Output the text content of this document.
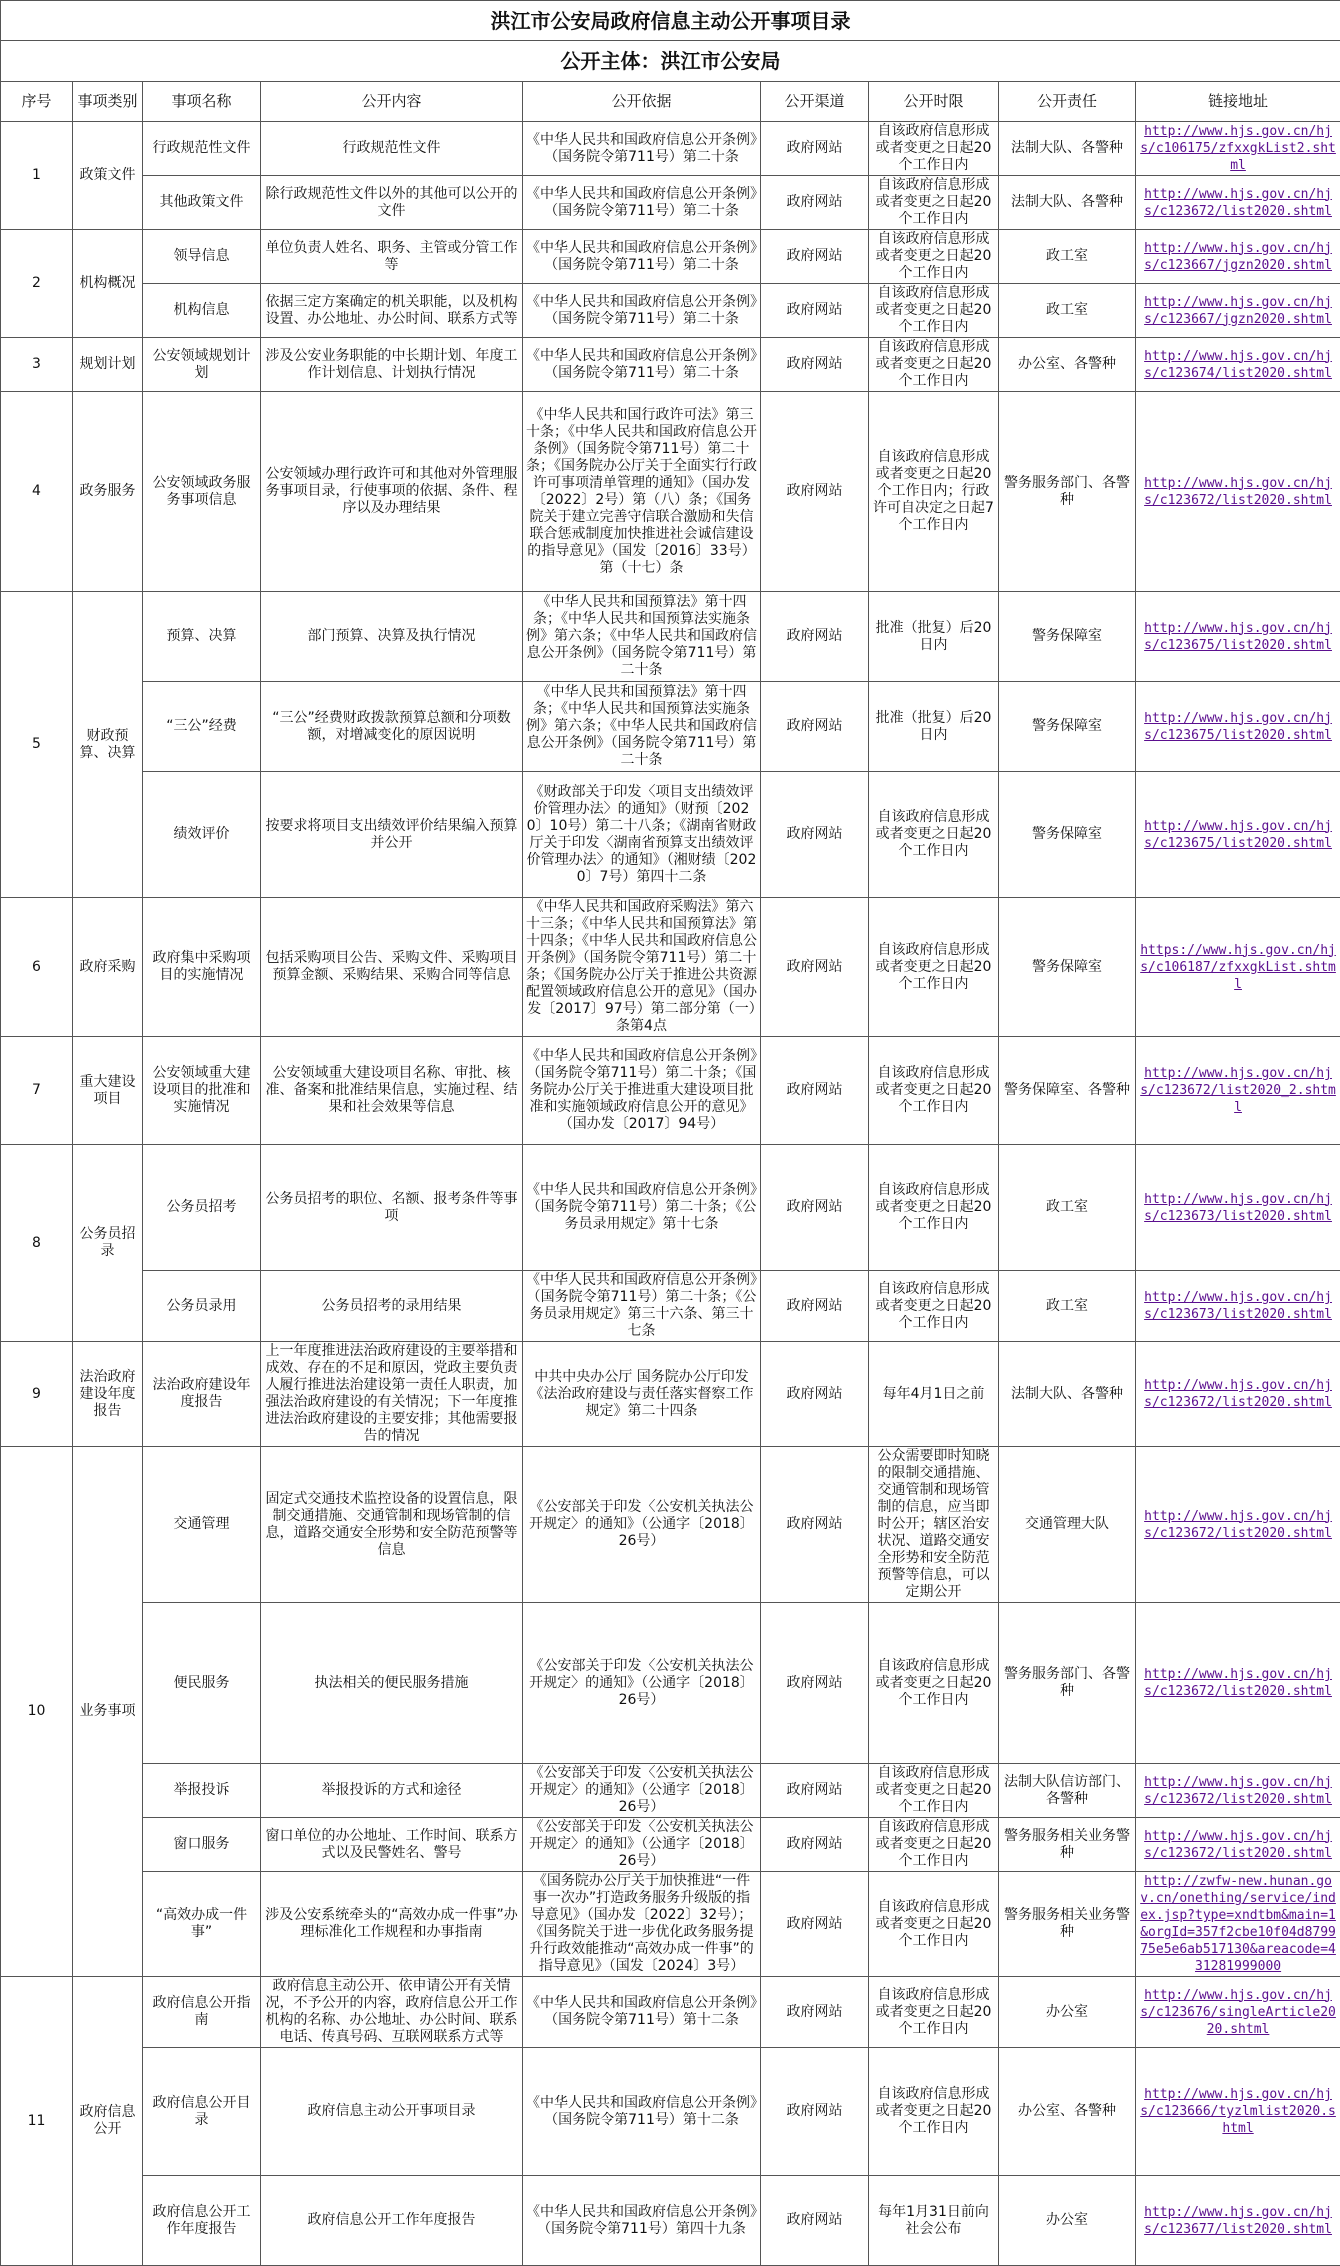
洪江市公安局政府信息主动公开事项目录								
公开主体：洪江市公安局								
序号	事项类别	事项名称	公开内容	公开依据	公开渠道	公开时限	公开责任	链接地址
1	政策文件	行政规范性文件	行政规范性文件	《中华人民共和国政府信息公开条例》（国务院令第711号）第二十条	政府网站	自该政府信息形成或者变更之日起20个工作日内	法制大队、各警种	http://www.hjs.gov.cn/hjs/c106175/zfxxgkList2.shtml
		其他政策文件	除行政规范性文件以外的其他可以公开的文件	《中华人民共和国政府信息公开条例》（国务院令第711号）第二十条	政府网站	自该政府信息形成或者变更之日起20个工作日内	法制大队、各警种	http://www.hjs.gov.cn/hjs/c123672/list2020.shtml
2	机构概况	领导信息	单位负责人姓名、职务、主管或分管工作等	《中华人民共和国政府信息公开条例》（国务院令第711号）第二十条	政府网站	自该政府信息形成或者变更之日起20个工作日内	政工室	http://www.hjs.gov.cn/hjs/c123667/jgzn2020.shtml
		机构信息	依据三定方案确定的机关职能，以及机构设置、办公地址、办公时间、联系方式等	《中华人民共和国政府信息公开条例》（国务院令第711号）第二十条	政府网站	自该政府信息形成或者变更之日起20个工作日内	政工室	http://www.hjs.gov.cn/hjs/c123667/jgzn2020.shtml
3	规划计划	公安领域规划计划	涉及公安业务职能的中长期计划、年度工作计划信息、计划执行情况	《中华人民共和国政府信息公开条例》（国务院令第711号）第二十条	政府网站	自该政府信息形成或者变更之日起20个工作日内	办公室、各警种	http://www.hjs.gov.cn/hjs/c123674/list2020.shtml
4	政务服务	公安领域政务服务事项信息	公安领域办理行政许可和其他对外管理服务事项目录，行使事项的依据、条件、程序以及办理结果	《中华人民共和国行政许可法》第三十条；《中华人民共和国政府信息公开条例》（国务院令第711号）第二十条；《国务院办公厅关于全面实行行政许可事项清单管理的通知》（国办发〔2022〕2号）第（八）条；《国务院关于建立完善守信联合激励和失信联合惩戒制度加快推进社会诚信建设的指导意见》（国发〔2016〕33号）第（十七）条	政府网站	自该政府信息形成或者变更之日起20个工作日内；行政许可自决定之日起7个工作日内	警务服务部门、各警种	http://www.hjs.gov.cn/hjs/c123672/list2020.shtml
5	财政预算、决算	预算、决算	部门预算、决算及执行情况	《中华人民共和国预算法》第十四条；《中华人民共和国预算法实施条例》第六条；《中华人民共和国政府信息公开条例》（国务院令第711号）第二十条	政府网站	批准（批复）后20日内	警务保障室	http://www.hjs.gov.cn/hjs/c123675/list2020.shtml
		“三公”经费	“三公”经费财政拨款预算总额和分项数额，对增减变化的原因说明	《中华人民共和国预算法》第十四条；《中华人民共和国预算法实施条例》第六条；《中华人民共和国政府信息公开条例》（国务院令第711号）第二十条	政府网站	批准（批复）后20日内	警务保障室	http://www.hjs.gov.cn/hjs/c123675/list2020.shtml
		绩效评价	按要求将项目支出绩效评价结果编入预算并公开	《财政部关于印发〈项目支出绩效评价管理办法〉的通知》（财预〔2020〕10号）第二十八条；《湖南省财政厅关于印发〈湖南省预算支出绩效评价管理办法〉的通知》（湘财绩〔2020〕7号）第四十二条	政府网站	自该政府信息形成或者变更之日起20个工作日内	警务保障室	http://www.hjs.gov.cn/hjs/c123675/list2020.shtml
6	政府采购	政府集中采购项目的实施情况	包括采购项目公告、采购文件、采购项目预算金额、采购结果、采购合同等信息	《中华人民共和国政府采购法》第六十三条；《中华人民共和国预算法》第十四条；《中华人民共和国政府信息公开条例》（国务院令第711号）第二十条；《国务院办公厅关于推进公共资源配置领域政府信息公开的意见》（国办发〔2017〕97号）第二部分第（一）条第4点	政府网站	自该政府信息形成或者变更之日起20个工作日内	警务保障室	https://www.hjs.gov.cn/hjs/c106187/zfxxgkList.shtml
7	重大建设项目	公安领域重大建设项目的批准和实施情况	公安领域重大建设项目名称、审批、核准、备案和批准结果信息，实施过程、结果和社会效果等信息	《中华人民共和国政府信息公开条例》（国务院令第711号）第二十条；《国务院办公厅关于推进重大建设项目批准和实施领域政府信息公开的意见》（国办发〔2017〕94号）	政府网站	自该政府信息形成或者变更之日起20个工作日内	警务保障室、各警种	http://www.hjs.gov.cn/hjs/c123672/list2020_2.shtml
8	公务员招录	公务员招考	公务员招考的职位、名额、报考条件等事项	《中华人民共和国政府信息公开条例》（国务院令第711号）第二十条；《公务员录用规定》第十七条	政府网站	自该政府信息形成或者变更之日起20个工作日内	政工室	http://www.hjs.gov.cn/hjs/c123673/list2020.shtml
		公务员录用	公务员招考的录用结果	《中华人民共和国政府信息公开条例》（国务院令第711号）第二十条；《公务员录用规定》第三十六条、第三十七条	政府网站	自该政府信息形成或者变更之日起20个工作日内	政工室	http://www.hjs.gov.cn/hjs/c123673/list2020.shtml
9	法治政府建设年度报告	法治政府建设年度报告	上一年度推进法治政府建设的主要举措和成效、存在的不足和原因，党政主要负责人履行推进法治建设第一责任人职责，加强法治政府建设的有关情况；下一年度推进法治政府建设的主要安排；其他需要报告的情况	中共中央办公厅 国务院办公厅印发《法治政府建设与责任落实督察工作规定》第二十四条	政府网站	每年4月1日之前	法制大队、各警种	http://www.hjs.gov.cn/hjs/c123672/list2020.shtml
10	业务事项	交通管理	固定式交通技术监控设备的设置信息，限制交通措施、交通管制和现场管制的信息，道路交通安全形势和安全防范预警等信息	《公安部关于印发〈公安机关执法公开规定〉的通知》（公通字〔2018〕26号）	政府网站	公众需要即时知晓的限制交通措施、交通管制和现场管制的信息，应当即时公开；辖区治安状况、道路交通安全形势和安全防范预警等信息，可以定期公开	交通管理大队	http://www.hjs.gov.cn/hjs/c123672/list2020.shtml
		便民服务	执法相关的便民服务措施	《公安部关于印发〈公安机关执法公开规定〉的通知》（公通字〔2018〕26号）	政府网站	自该政府信息形成或者变更之日起20个工作日内	警务服务部门、各警种	http://www.hjs.gov.cn/hjs/c123672/list2020.shtml
		举报投诉	举报投诉的方式和途径	《公安部关于印发〈公安机关执法公开规定〉的通知》（公通字〔2018〕26号）	政府网站	自该政府信息形成或者变更之日起20个工作日内	法制大队信访部门、各警种	http://www.hjs.gov.cn/hjs/c123672/list2020.shtml
		窗口服务	窗口单位的办公地址、工作时间、联系方式以及民警姓名、警号	《公安部关于印发〈公安机关执法公开规定〉的通知》（公通字〔2018〕26号）	政府网站	自该政府信息形成或者变更之日起20个工作日内	警务服务相关业务警种	http://www.hjs.gov.cn/hjs/c123672/list2020.shtml
		“高效办成一件事”	涉及公安系统牵头的“高效办成一件事”办理标准化工作规程和办事指南	《国务院办公厅关于加快推进“一件事一次办”打造政务服务升级版的指导意见》（国办发〔2022〕32号）；《国务院关于进一步优化政务服务提升行政效能推动“高效办成一件事”的指导意见》（国发〔2024〕3号）	政府网站	自该政府信息形成或者变更之日起20个工作日内	警务服务相关业务警种	http://zwfw-new.hunan.gov.cn/onething/service/index.jsp?type=xndtbm&main=1&orgId=357f2cbe10f04d879975e5e6ab517130&areacode=431281999000
11	政府信息公开	政府信息公开指南	政府信息主动公开、依申请公开有关情况，不予公开的内容，政府信息公开工作机构的名称、办公地址、办公时间、联系电话、传真号码、互联网联系方式等	《中华人民共和国政府信息公开条例》（国务院令第711号）第十二条	政府网站	自该政府信息形成或者变更之日起20个工作日内	办公室	http://www.hjs.gov.cn/hjs/c123676/singleArticle2020.shtml
		政府信息公开目录	政府信息主动公开事项目录	《中华人民共和国政府信息公开条例》（国务院令第711号）第十二条	政府网站	自该政府信息形成或者变更之日起20个工作日内	办公室、各警种	http://www.hjs.gov.cn/hjs/c123666/tyzlmlist2020.shtml
		政府信息公开工作年度报告	政府信息公开工作年度报告	《中华人民共和国政府信息公开条例》（国务院令第711号）第四十九条	政府网站	每年1月31日前向社会公布	办公室	http://www.hjs.gov.cn/hjs/c123677/list2020.shtml
